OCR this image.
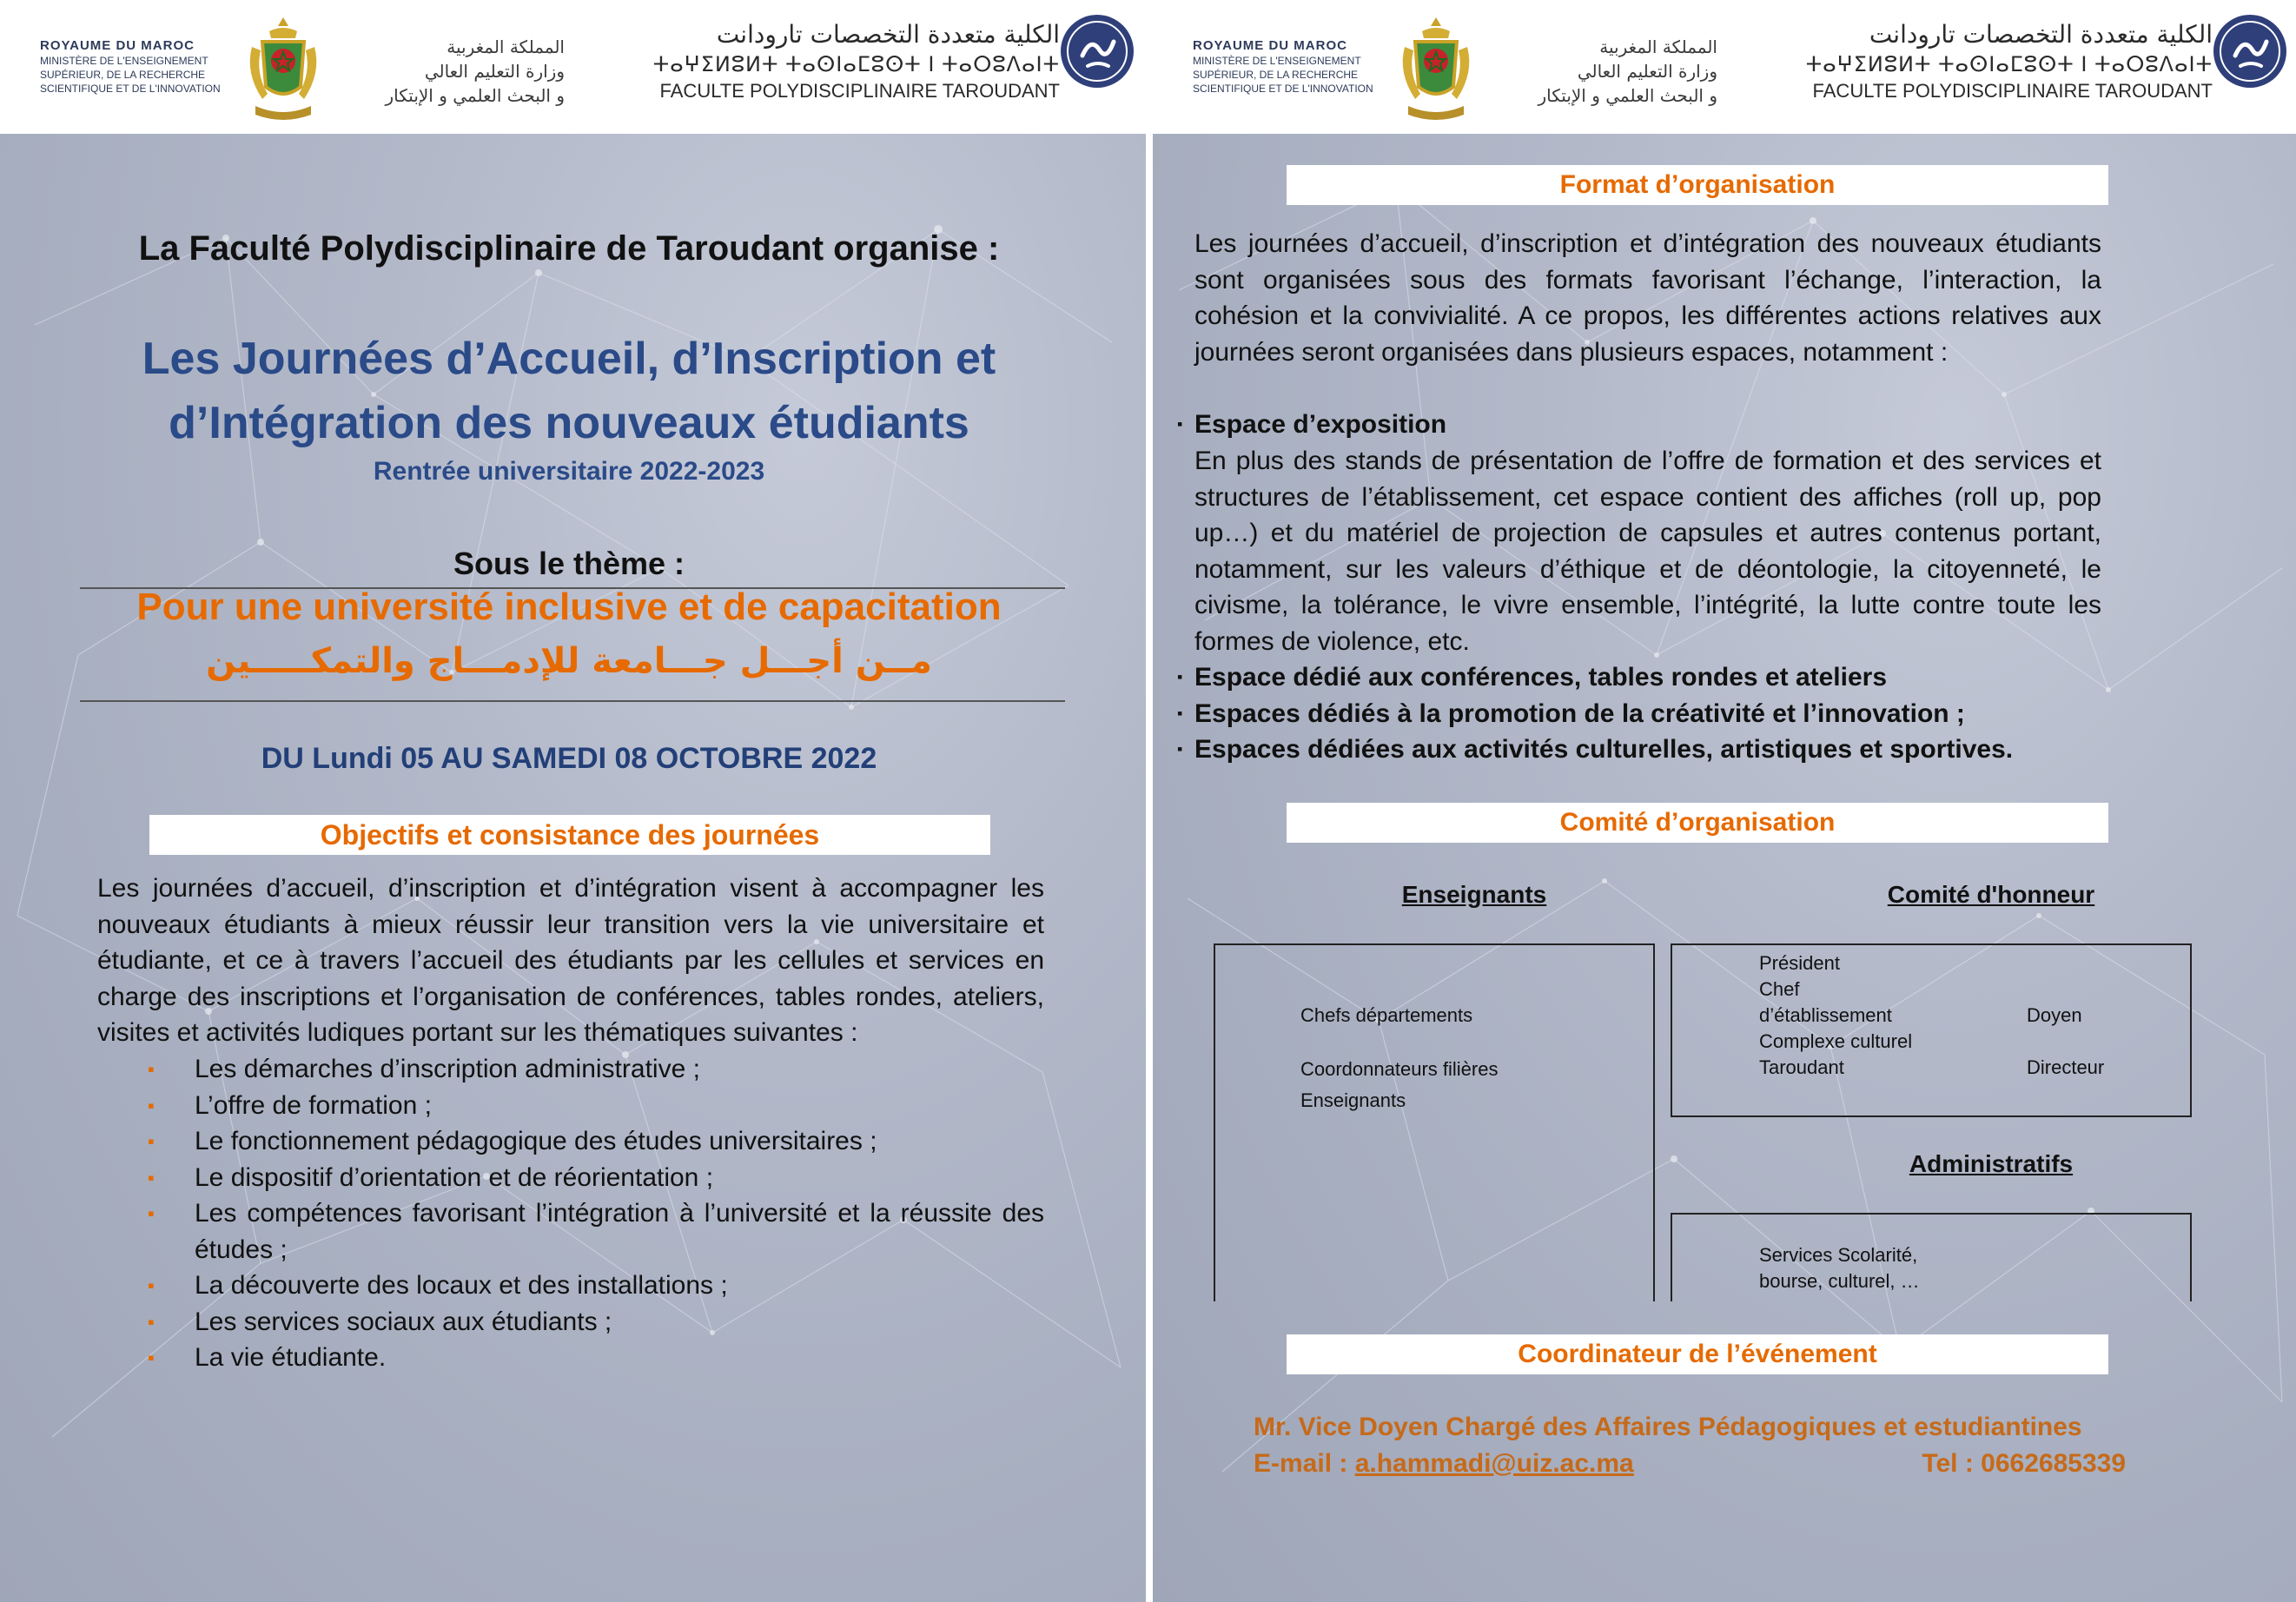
ROYAUME DU MAROC
MINISTÈRE DE L'ENSEIGNEMENT
SUPÉRIEUR, DE LA RECHERCHE
SCIENTIFIQUE ET DE L'INNOVATION
المملكة المغربية
وزارة التعليم العالي
و البحث العلمي و الإبتكار
الكلية متعددة التخصصات تارودانت
ⵜⴰⵖⵉⵍⵓⵍⵜ ⵜⴰⵙⵏⴰⵎⵓⵙⵜ ⵏ ⵜⴰⵔⵓⴷⴰⵏⵜ
FACULTE POLYDISCIPLINAIRE TAROUDANT
La Faculté Polydisciplinaire de Taroudant organise :
Les Journées d’Accueil, d’Inscription et
d’Intégration des nouveaux étudiants
Rentrée universitaire 2022-2023
Sous le thème :
Pour une université inclusive et de capacitation
مــن أجـــل جـــامعة للإدمـــاج والتمكـــــين
DU Lundi 05 AU SAMEDI 08 OCTOBRE 2022
Objectifs et consistance des journées
Les journées d’accueil, d’inscription et d’intégration visent à accompagner les nouveaux étudiants à mieux réussir leur transition vers la vie universitaire et étudiante, et ce à travers l’accueil des étudiants par les cellules et services en charge des inscriptions et l’organisation de conférences, tables rondes, ateliers, visites et activités ludiques portant sur les thématiques suivantes :
▪ Les démarches d’inscription administrative ;
▪ L’offre de formation ;
▪ Le fonctionnement pédagogique des études universitaires ;
▪ Le dispositif d’orientation et de réorientation ;
▪ Les compétences favorisant l’intégration à l’université et la réussite des études ;
▪ La découverte des locaux et des installations ;
▪ Les services sociaux aux étudiants ;
▪ La vie étudiante.
ROYAUME DU MAROC
MINISTÈRE DE L'ENSEIGNEMENT
SUPÉRIEUR, DE LA RECHERCHE
SCIENTIFIQUE ET DE L'INNOVATION
المملكة المغربية
وزارة التعليم العالي
و البحث العلمي و الإبتكار
الكلية متعددة التخصصات تارودانت
ⵜⴰⵖⵉⵍⵓⵍⵜ ⵜⴰⵙⵏⴰⵎⵓⵙⵜ ⵏ ⵜⴰⵔⵓⴷⴰⵏⵜ
FACULTE POLYDISCIPLINAIRE TAROUDANT
Format d’organisation
Les journées d’accueil, d’inscription et d’intégration des nouveaux étudiants sont organisées sous des formats favorisant l’échange, l’interaction, la cohésion et la convivialité. A ce propos, les différentes actions relatives aux journées seront organisées dans plusieurs espaces, notamment :
▪ Espace d’exposition
En plus des stands de présentation de l’offre de formation et des services et structures de l’établissement, cet espace contient des affiches (roll up, pop up…) et du matériel de projection de capsules et autres contenus portant, notamment, sur les valeurs d’éthique et de déontologie, la citoyenneté, le civisme, la tolérance, le vivre ensemble, l’intégrité, la lutte contre toute les formes de violence, etc.
▪ Espace dédié aux conférences, tables rondes et ateliers
▪ Espaces dédiés à la promotion de la créativité et l’innovation ;
▪ Espaces dédiées aux activités culturelles, artistiques et sportives.
Comité d’organisation
Enseignants	Comité d'honneur
Chefs départements
Coordonnateurs filières
Enseignants
Président
Chef
d’établissement
Complexe culturel
Taroudant
Doyen
Directeur
Administratifs
Services Scolarité,
bourse, culturel, …
Coordinateur de l’événement
Mr. Vice Doyen Chargé des Affaires Pédagogiques et estudiantines
E-mail : a.hammadi@uiz.ac.ma	Tel : 0662685339
